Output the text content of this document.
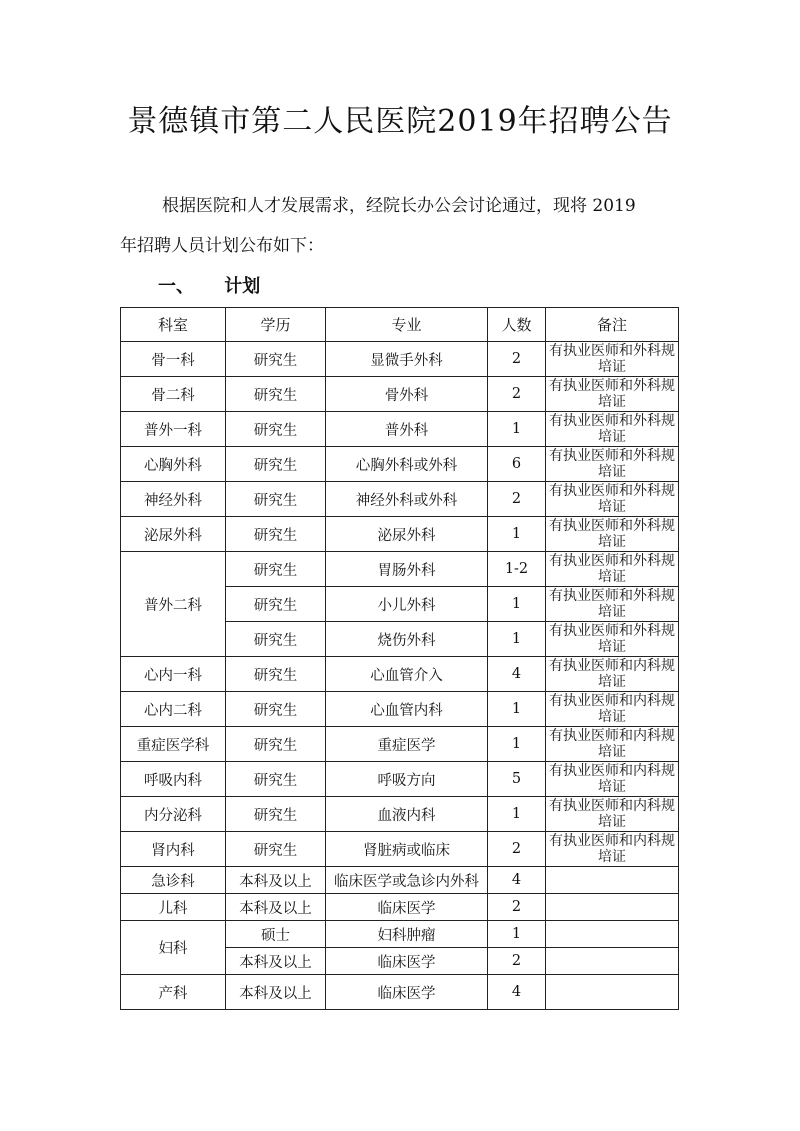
景德镇市第二人民医院2019年招聘公告
根据医院和人才发展需求，经院长办公会讨论通过，现将 2019
年招聘人员计划公布如下：
一、 计划
科室	学历	专业	人数	备注
骨一科	研究生	显微手外科	2	有执业医师和外科规培证
骨二科	研究生	骨外科	2	有执业医师和外科规培证
普外一科	研究生	普外科	1	有执业医师和外科规培证
心胸外科	研究生	心胸外科或外科	6	有执业医师和外科规培证
神经外科	研究生	神经外科或外科	2	有执业医师和外科规培证
泌尿外科	研究生	泌尿外科	1	有执业医师和外科规培证
普外二科	研究生	胃肠外科	1-2	有执业医师和外科规培证
	研究生	小儿外科	1	有执业医师和外科规培证
	研究生	烧伤外科	1	有执业医师和外科规培证
心内一科	研究生	心血管介入	4	有执业医师和内科规培证
心内二科	研究生	心血管内科	1	有执业医师和内科规培证
重症医学科	研究生	重症医学	1	有执业医师和内科规培证
呼吸内科	研究生	呼吸方向	5	有执业医师和内科规培证
内分泌科	研究生	血液内科	1	有执业医师和内科规培证
肾内科	研究生	肾脏病或临床	2	有执业医师和内科规培证
急诊科	本科及以上	临床医学或急诊内外科	4	
儿科	本科及以上	临床医学	2	
妇科	硕士	妇科肿瘤	1	
	本科及以上	临床医学	2	
产科	本科及以上	临床医学	4	
